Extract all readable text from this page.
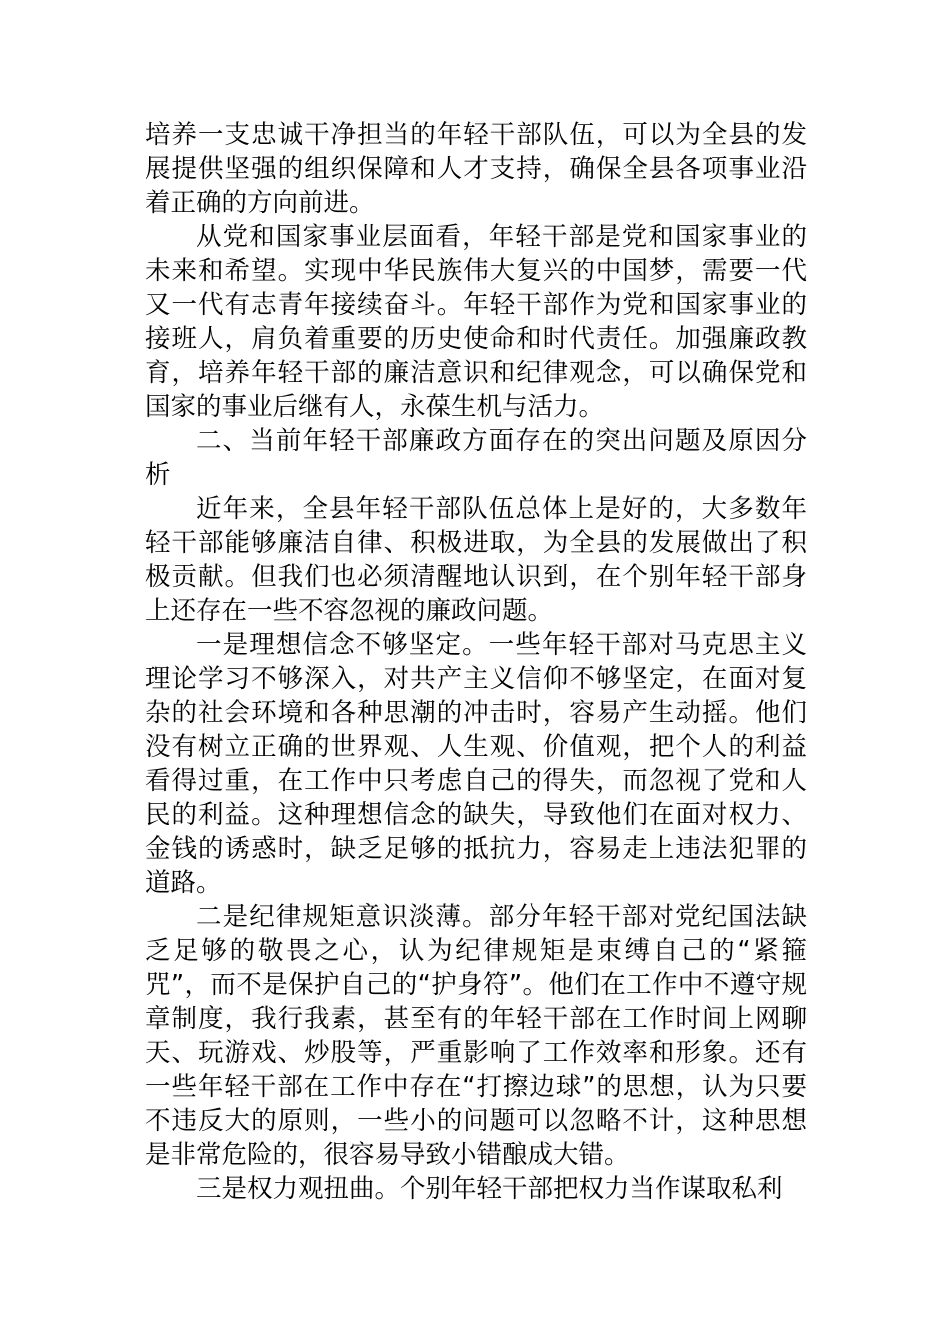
培养一支忠诚干净担当的年轻干部队伍，可以为全县的发展提供坚强的组织保障和人才支持，确保全县各项事业沿着正确的方向前进。

从党和国家事业层面看，年轻干部是党和国家事业的未来和希望。实现中华民族伟大复兴的中国梦，需要一代又一代有志青年接续奋斗。年轻干部作为党和国家事业的接班人，肩负着重要的历史使命和时代责任。加强廉政教育，培养年轻干部的廉洁意识和纪律观念，可以确保党和国家的事业后继有人，永葆生机与活力。

二、当前年轻干部廉政方面存在的突出问题及原因分析

近年来，全县年轻干部队伍总体上是好的，大多数年轻干部能够廉洁自律、积极进取，为全县的发展做出了积极贡献。但我们也必须清醒地认识到，在个别年轻干部身上还存在一些不容忽视的廉政问题。

一是理想信念不够坚定。一些年轻干部对马克思主义理论学习不够深入，对共产主义信仰不够坚定，在面对复杂的社会环境和各种思潮的冲击时，容易产生动摇。他们没有树立正确的世界观、人生观、价值观，把个人的利益看得过重，在工作中只考虑自己的得失，而忽视了党和人民的利益。这种理想信念的缺失，导致他们在面对权力、金钱的诱惑时，缺乏足够的抵抗力，容易走上违法犯罪的道路。

二是纪律规矩意识淡薄。部分年轻干部对党纪国法缺乏足够的敬畏之心，认为纪律规矩是束缚自己的“紧箍咒”，而不是保护自己的“护身符”。他们在工作中不遵守规章制度，我行我素，甚至有的年轻干部在工作时间上网聊天、玩游戏、炒股等，严重影响了工作效率和形象。还有一些年轻干部在工作中存在“打擦边球”的思想，认为只要不违反大的原则，一些小的问题可以忽略不计，这种思想是非常危险的，很容易导致小错酿成大错。

三是权力观扭曲。个别年轻干部把权力当作谋取私利
